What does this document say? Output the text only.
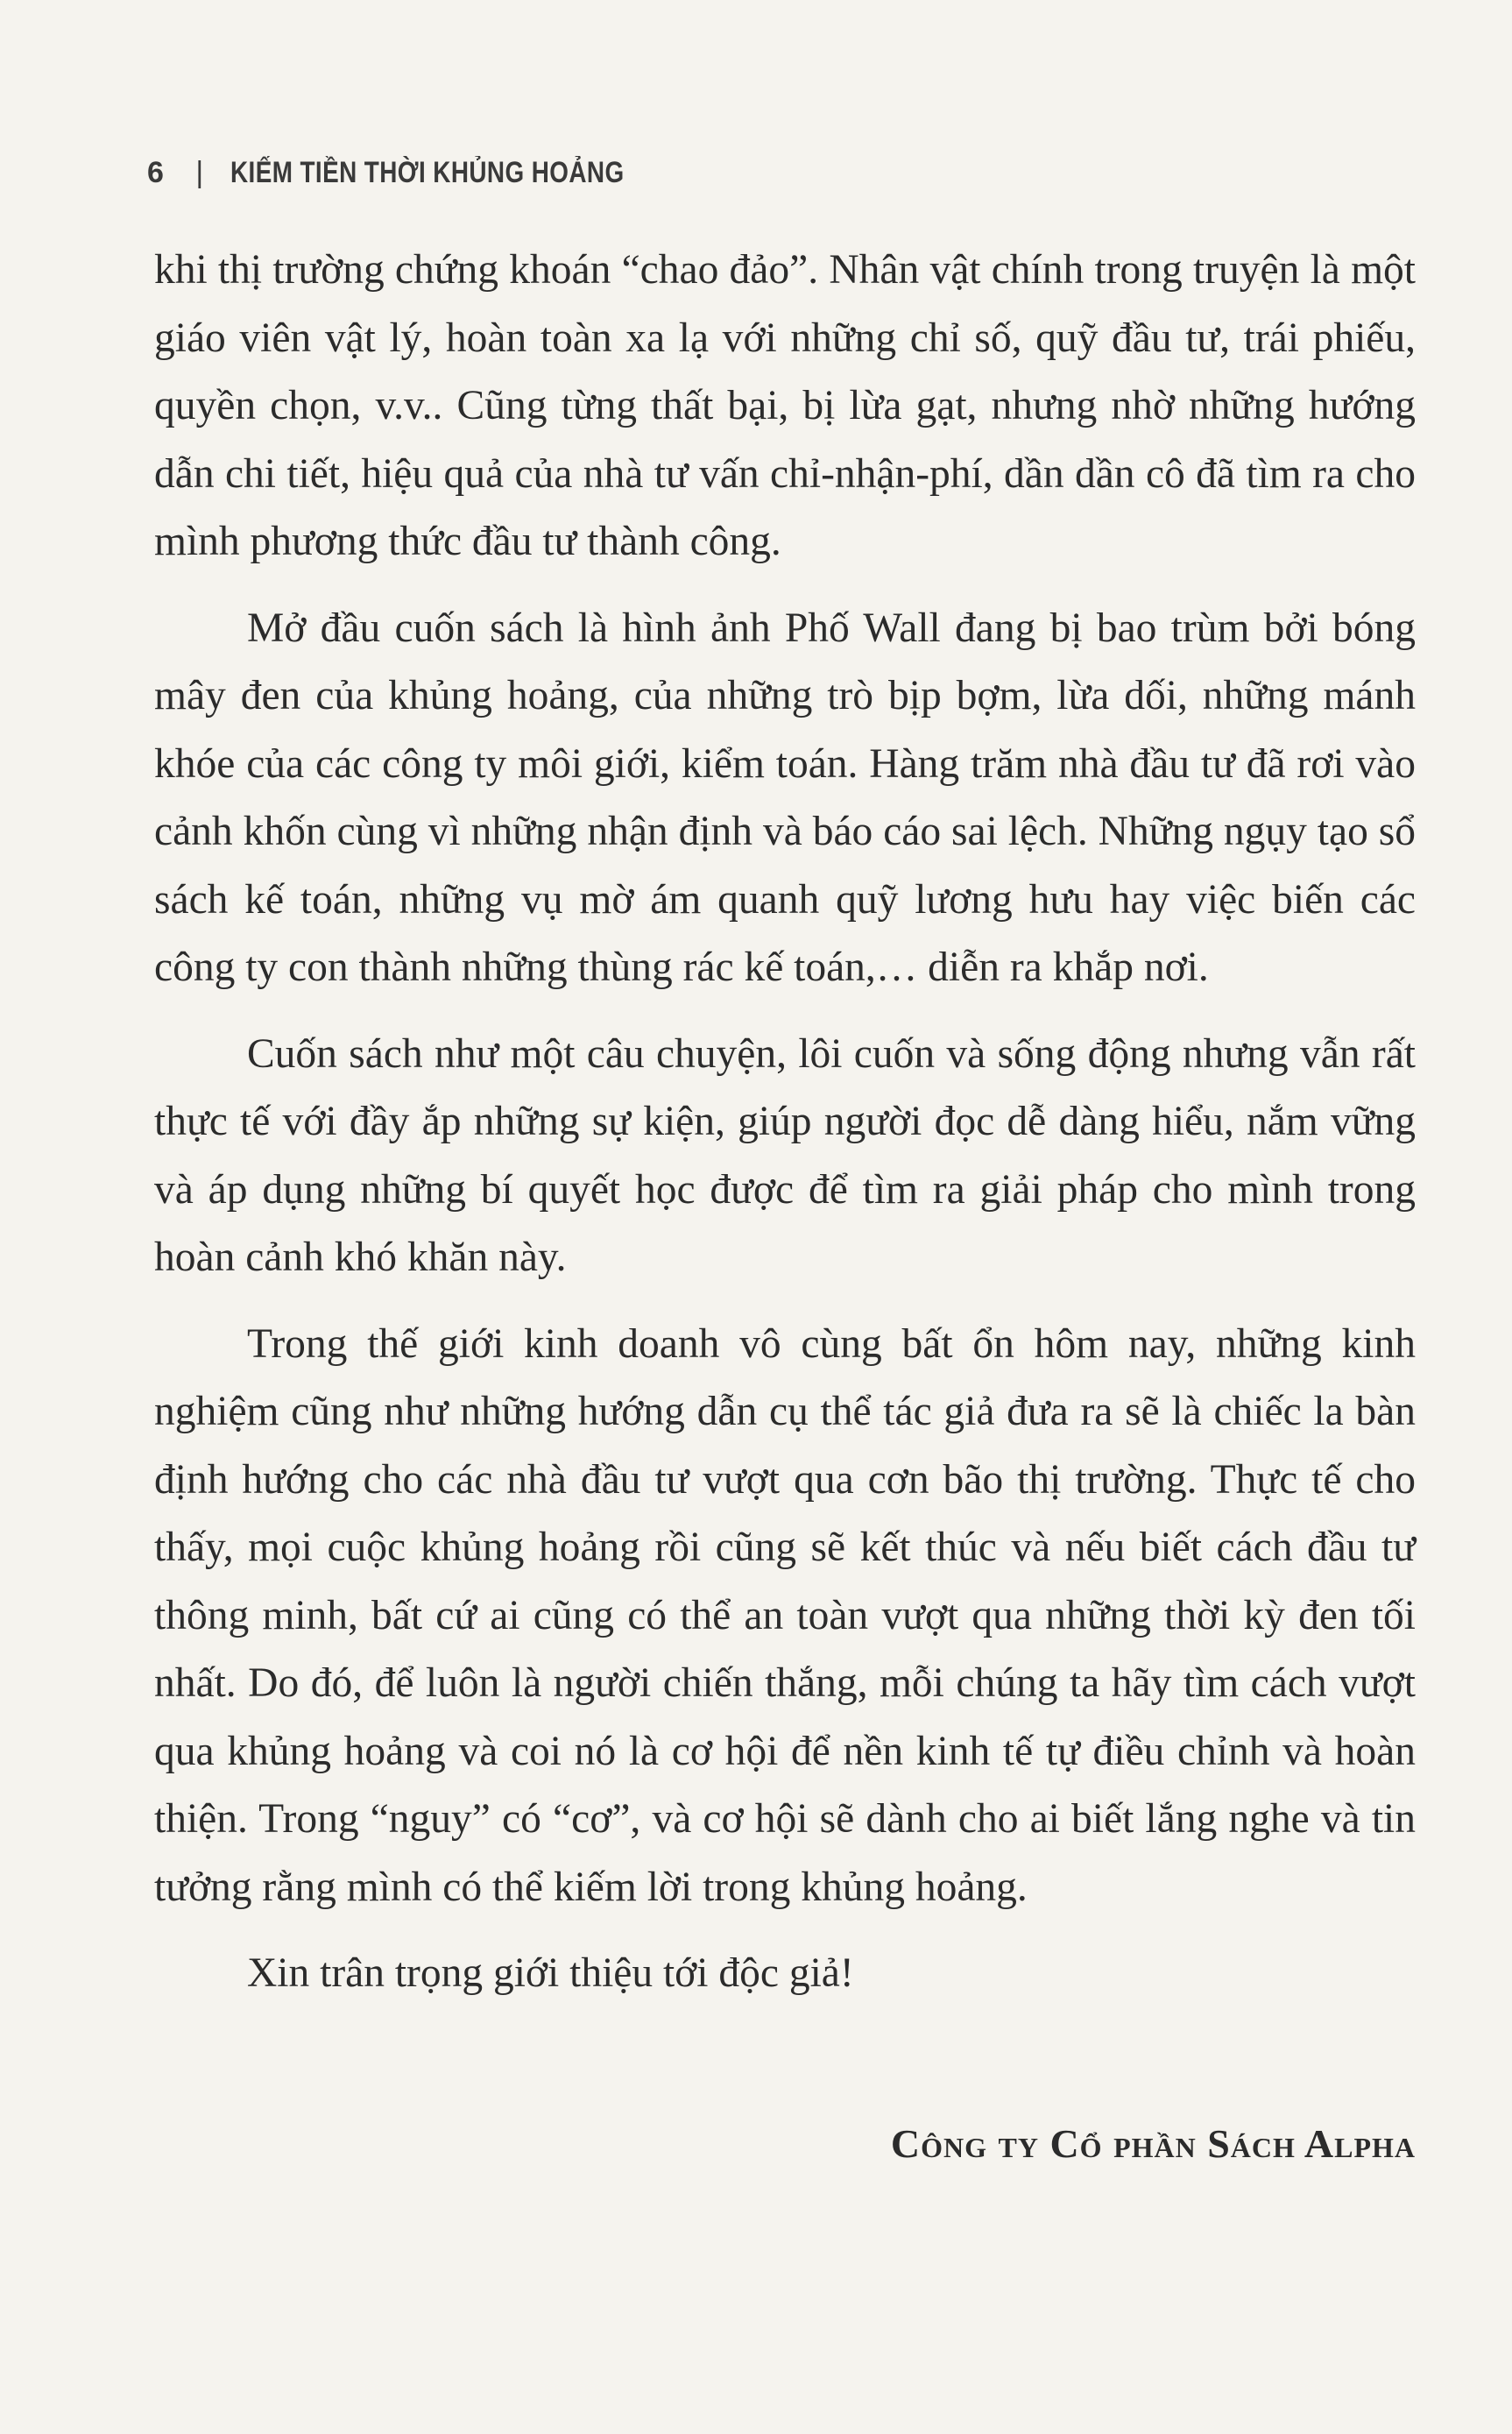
6 | KIẾM TIỀN THỜI KHỦNG HOẢNG

khi thị trường chứng khoán “chao đảo”. Nhân vật chính trong truyện là một giáo viên vật lý, hoàn toàn xa lạ với những chỉ số, quỹ đầu tư, trái phiếu, quyền chọn, v.v.. Cũng từng thất bại, bị lừa gạt, nhưng nhờ những hướng dẫn chi tiết, hiệu quả của nhà tư vấn chỉ-nhận-phí, dần dần cô đã tìm ra cho mình phương thức đầu tư thành công.

Mở đầu cuốn sách là hình ảnh Phố Wall đang bị bao trùm bởi bóng mây đen của khủng hoảng, của những trò bịp bợm, lừa dối, những mánh khóe của các công ty môi giới, kiểm toán. Hàng trăm nhà đầu tư đã rơi vào cảnh khốn cùng vì những nhận định và báo cáo sai lệch. Những ngụy tạo sổ sách kế toán, những vụ mờ ám quanh quỹ lương hưu hay việc biến các công ty con thành những thùng rác kế toán,… diễn ra khắp nơi.

Cuốn sách như một câu chuyện, lôi cuốn và sống động nhưng vẫn rất thực tế với đầy ắp những sự kiện, giúp người đọc dễ dàng hiểu, nắm vững và áp dụng những bí quyết học được để tìm ra giải pháp cho mình trong hoàn cảnh khó khăn này.

Trong thế giới kinh doanh vô cùng bất ổn hôm nay, những kinh nghiệm cũng như những hướng dẫn cụ thể tác giả đưa ra sẽ là chiếc la bàn định hướng cho các nhà đầu tư vượt qua cơn bão thị trường. Thực tế cho thấy, mọi cuộc khủng hoảng rồi cũng sẽ kết thúc và nếu biết cách đầu tư thông minh, bất cứ ai cũng có thể an toàn vượt qua những thời kỳ đen tối nhất. Do đó, để luôn là người chiến thắng, mỗi chúng ta hãy tìm cách vượt qua khủng hoảng và coi nó là cơ hội để nền kinh tế tự điều chỉnh và hoàn thiện. Trong “nguy” có “cơ”, và cơ hội sẽ dành cho ai biết lắng nghe và tin tưởng rằng mình có thể kiếm lời trong khủng hoảng.

Xin trân trọng giới thiệu tới độc giả!

Công ty Cổ phần Sách Alpha
